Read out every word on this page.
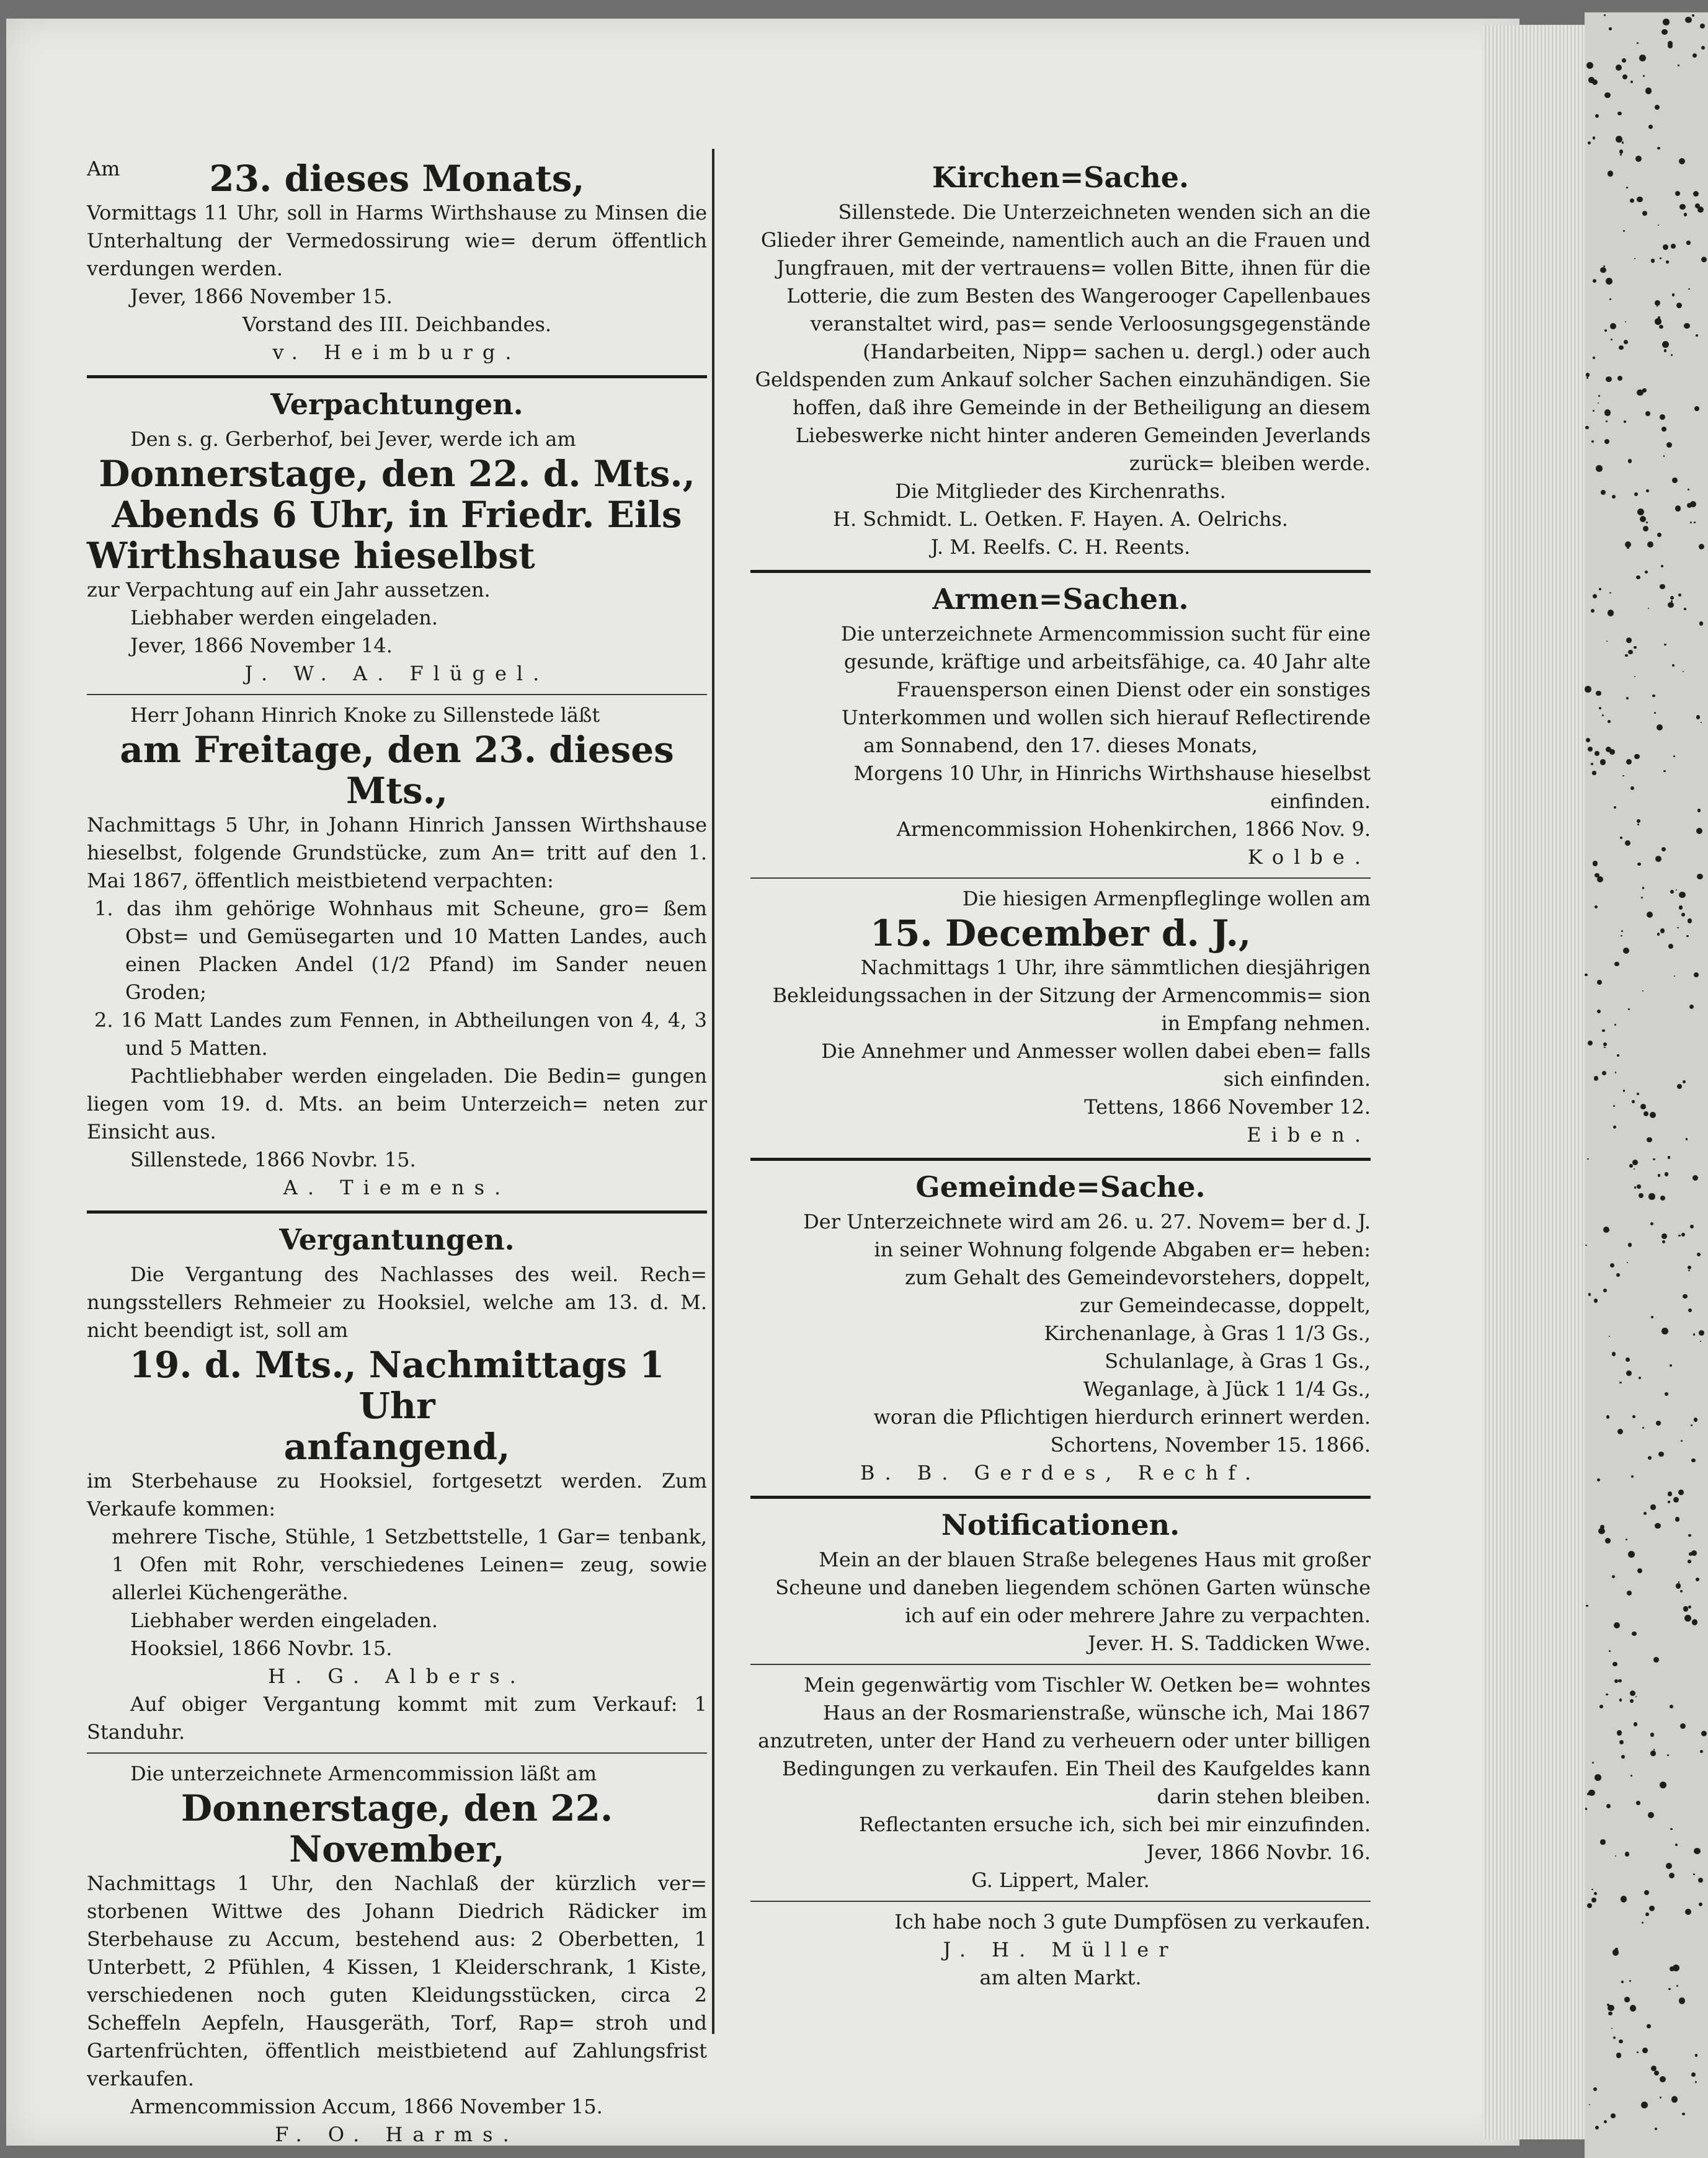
Am	23. dieses Monats,

Vormittags 11 Uhr, soll in Harms Wirthshause zu Minsen die Unterhaltung der Vermedossirung wie= derum öffentlich verdungen werden.

Jever, 1866 November 15.

Vorstand des III. Deichbandes.

v. Heimburg.

Verpachtungen.

Den s. g. Gerberhof, bei Jever, werde ich am

Donnerstage, den 22. d. Mts.,
Abends 6 Uhr, in Friedr. Eils
Wirthshause hieselbst

zur Verpachtung auf ein Jahr aussetzen.

Liebhaber werden eingeladen.

Jever, 1866 November 14.

J. W. A. Flügel.

Herr Johann Hinrich Knoke zu Sillenstede läßt

am Freitage, den 23. dieses Mts.,

Nachmittags 5 Uhr, in Johann Hinrich Janssen Wirthshause hieselbst, folgende Grundstücke, zum An= tritt auf den 1. Mai 1867, öffentlich meistbietend verpachten:

1. das ihm gehörige Wohnhaus mit Scheune, gro= ßem Obst= und Gemüsegarten und 10 Matten Landes, auch einen Placken Andel (1/2 Pfand) im Sander neuen Groden;

2. 16 Matt Landes zum Fennen, in Abtheilungen von 4, 4, 3 und 5 Matten.

Pachtliebhaber werden eingeladen. Die Bedin= gungen liegen vom 19. d. Mts. an beim Unterzeich= neten zur Einsicht aus.

Sillenstede, 1866 Novbr. 15.

A. Tiemens.

Vergantungen.

Die Vergantung des Nachlasses des weil. Rech= nungsstellers Rehmeier zu Hooksiel, welche am 13. d. M. nicht beendigt ist, soll am

19. d. Mts., Nachmittags 1 Uhr
anfangend,

im Sterbehause zu Hooksiel, fortgesetzt werden. Zum Verkaufe kommen:

mehrere Tische, Stühle, 1 Setzbettstelle, 1 Gar= tenbank, 1 Ofen mit Rohr, verschiedenes Leinen= zeug, sowie allerlei Küchengeräthe.

Liebhaber werden eingeladen.

Hooksiel, 1866 Novbr. 15.

H. G. Albers.

Auf obiger Vergantung kommt mit zum Verkauf: 1 Standuhr.

Die unterzeichnete Armencommission läßt am

Donnerstage, den 22. November,

Nachmittags 1 Uhr, den Nachlaß der kürzlich ver= storbenen Wittwe des Johann Diedrich Rädicker im Sterbehause zu Accum, bestehend aus: 2 Oberbetten, 1 Unterbett, 2 Pfühlen, 4 Kissen, 1 Kleiderschrank, 1 Kiste, verschiedenen noch guten Kleidungsstücken, circa 2 Scheffeln Aepfeln, Hausgeräth, Torf, Rap= stroh und Gartenfrüchten, öffentlich meistbietend auf Zahlungsfrist verkaufen.

Armencommission Accum, 1866 November 15.

F. O. Harms.

Kirchen=Sache.

Sillenstede. Die Unterzeichneten wenden sich an die Glieder ihrer Gemeinde, namentlich auch an die Frauen und Jungfrauen, mit der vertrauens= vollen Bitte, ihnen für die Lotterie, die zum Besten des Wangerooger Capellenbaues veranstaltet wird, pas= sende Verloosungsgegenstände (Handarbeiten, Nipp= sachen u. dergl.) oder auch Geldspenden zum Ankauf solcher Sachen einzuhändigen. Sie hoffen, daß ihre Gemeinde in der Betheiligung an diesem Liebeswerke nicht hinter anderen Gemeinden Jeverlands zurück= bleiben werde.

Die Mitglieder des Kirchenraths.

H. Schmidt. L. Oetken. F. Hayen. A. Oelrichs.

J. M. Reelfs. C. H. Reents.

Armen=Sachen.

Die unterzeichnete Armencommission sucht für eine gesunde, kräftige und arbeitsfähige, ca. 40 Jahr alte Frauensperson einen Dienst oder ein sonstiges Unterkommen und wollen sich hierauf Reflectirende

am Sonnabend, den 17. dieses Monats,

Morgens 10 Uhr, in Hinrichs Wirthshause hieselbst einfinden.

Armencommission Hohenkirchen, 1866 Nov. 9.

Kolbe.

Die hiesigen Armenpfleglinge wollen am

15. December d. J.,

Nachmittags 1 Uhr, ihre sämmtlichen diesjährigen Bekleidungssachen in der Sitzung der Armencommis= sion in Empfang nehmen.

Die Annehmer und Anmesser wollen dabei eben= falls sich einfinden.

Tettens, 1866 November 12.

Eiben.

Gemeinde=Sache.

Der Unterzeichnete wird am 26. u. 27. Novem= ber d. J. in seiner Wohnung folgende Abgaben er= heben:

zum Gehalt des Gemeindevorstehers, doppelt,

zur Gemeindecasse, doppelt,

Kirchenanlage, à Gras 1 1/3 Gs.,

Schulanlage, à Gras 1 Gs.,

Weganlage, à Jück 1 1/4 Gs.,

woran die Pflichtigen hierdurch erinnert werden.

Schortens, November 15. 1866.

B. B. Gerdes, Rechf.

Notificationen.

Mein an der blauen Straße belegenes Haus mit großer Scheune und daneben liegendem schönen Garten wünsche ich auf ein oder mehrere Jahre zu verpachten.

Jever. H. S. Taddicken Wwe.

Mein gegenwärtig vom Tischler W. Oetken be= wohntes Haus an der Rosmarienstraße, wünsche ich, Mai 1867 anzutreten, unter der Hand zu verheuern oder unter billigen Bedingungen zu verkaufen. Ein Theil des Kaufgeldes kann darin stehen bleiben.

Reflectanten ersuche ich, sich bei mir einzufinden.

Jever, 1866 Novbr. 16.

G. Lippert, Maler.

Ich habe noch 3 gute Dumpfösen zu verkaufen.

J. H. Müller

am alten Markt.
